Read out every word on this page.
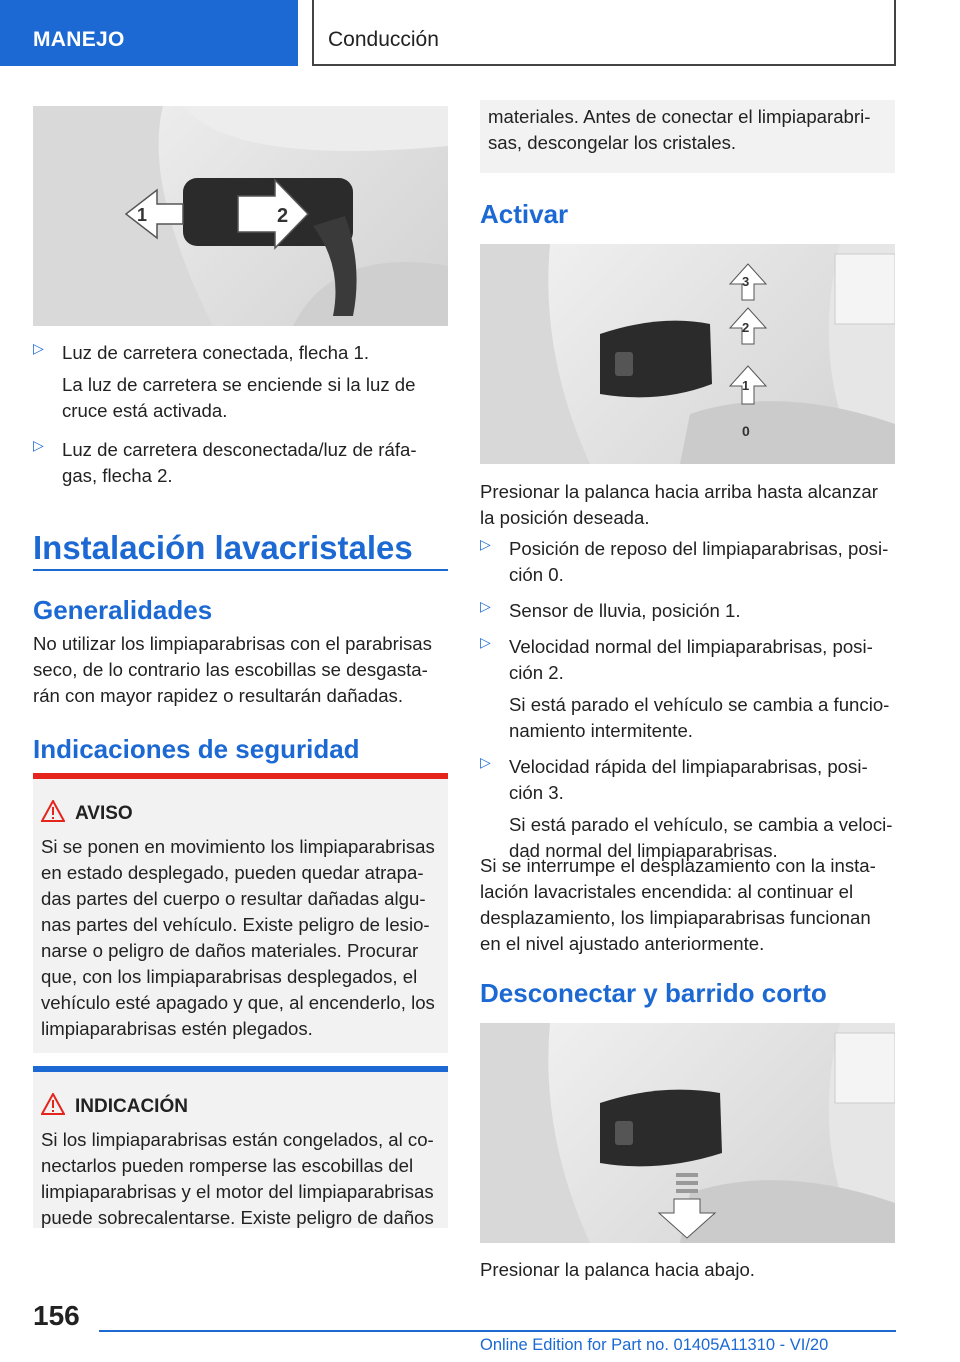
MANEJO	Conducción
1	2

▷ Luz de carretera conectada, flecha 1.

La luz de carretera se enciende si la luz de cruce está activada.

▷ Luz de carretera desconectada/luz de ráfa-gas, flecha 2.

Instalación lavacristales
Generalidades

No utilizar los limpiaparabrisas con el parabrisas seco, de lo contrario las escobillas se desgasta-rán con mayor rapidez o resultarán dañadas.

Indicaciones de seguridad
AVISO

Si se ponen en movimiento los limpiaparabrisas en estado desplegado, pueden quedar atrapa-das partes del cuerpo o resultar dañadas algu-nas partes del vehículo. Existe peligro de lesio-narse o peligro de daños materiales. Procurar que, con los limpiaparabrisas desplegados, el vehículo esté apagado y que, al encenderlo, los limpiaparabrisas estén plegados.

INDICACIÓN

Si los limpiaparabrisas están congelados, al co-nectarlos pueden romperse las escobillas del limpiaparabrisas y el motor del limpiaparabrisas puede sobrecalentarse. Existe peligro de daños

materiales. Antes de conectar el limpiaparabri-sas, descongelar los cristales.

Activar
3
2
1
0

Presionar la palanca hacia arriba hasta alcanzar la posición deseada.

▷ Posición de reposo del limpiaparabrisas, posi-ción 0.

▷ Sensor de lluvia, posición 1.

▷ Velocidad normal del limpiaparabrisas, posi-ción 2.

Si está parado el vehículo se cambia a funcio-namiento intermitente.

▷ Velocidad rápida del limpiaparabrisas, posi-ción 3.

Si está parado el vehículo, se cambia a veloci-dad normal del limpiaparabrisas.

Si se interrumpe el desplazamiento con la insta-lación lavacristales encendida: al continuar el desplazamiento, los limpiaparabrisas funcionan en el nivel ajustado anteriormente.

Desconectar y barrido corto

Presionar la palanca hacia abajo.

156
Online Edition for Part no. 01405A11310 - VI/20
